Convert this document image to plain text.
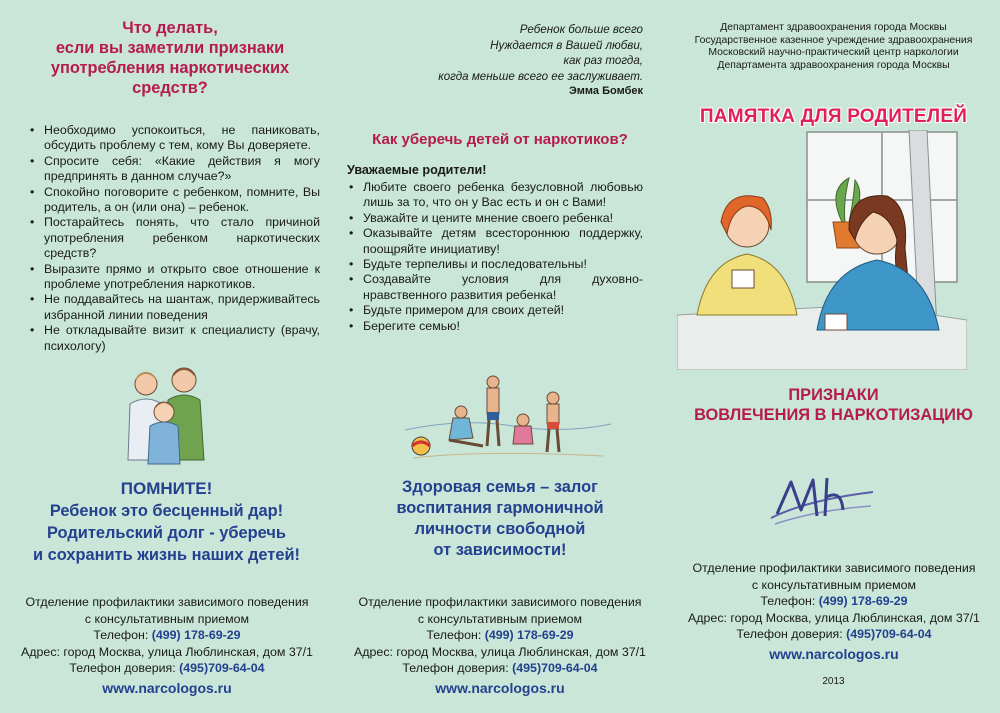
Что делать,
если вы заметили признаки
употребления наркотических
средств?
• Необходимо успокоиться, не паниковать, обсудить проблему с тем, кому Вы доверяете.
• Спросите себя: «Какие действия я могу предпринять в данном случае?»
• Спокойно поговорите с ребенком, помните, Вы родитель, а он (или она) – ребенок.
• Постарайтесь понять, что стало причиной употребления ребенком наркотических средств?
• Выразите прямо и открыто свое отношение к проблеме употребления наркотиков.
• Не поддавайтесь на шантаж, придерживайтесь избранной линии поведения
• Не откладывайте визит к специалисту (врачу, психологу)
ПОМНИТЕ!
Ребенок это бесценный дар!
Родительский долг - уберечь
и сохранить жизнь наших детей!
Отделение профилактики зависимого поведения
с консультативным приемом
Телефон: (499) 178-69-29
Адрес: город Москва, улица Люблинская, дом 37/1
Телефон доверия: (495)709-64-04
www.narcologos.ru
Ребенок больше всего
Нуждается в Вашей любви,
как раз тогда,
когда меньше всего ее заслуживает.
Эмма Бомбек
Как уберечь детей от наркотиков?
Уважаемые родители!
• Любите своего ребенка безусловной любовью лишь за то, что он у Вас есть и он с Вами!
• Уважайте и цените мнение своего ребенка!
• Оказывайте детям всестороннюю поддержку, поощряйте инициативу!
• Будьте терпеливы и последовательны!
• Создавайте условия для духовно-нравственного развития ребенка!
• Будьте примером для своих детей!
• Берегите семью!
Здоровая семья – залог
воспитания гармоничной
личности свободной
от зависимости!
Отделение профилактики зависимого поведения
с консультативным приемом
Телефон: (499) 178-69-29
Адрес: город Москва, улица Люблинская, дом 37/1
Телефон доверия: (495)709-64-04
www.narcologos.ru
Департамент здравоохранения города Москвы
Государственное казенное учреждение здравоохранения
Московский научно-практический центр наркологии
Департамента здравоохранения города Москвы
ПАМЯТКА ДЛЯ РОДИТЕЛЕЙ
ПРИЗНАКИ
ВОВЛЕЧЕНИЯ В НАРКОТИЗАЦИЮ
Отделение профилактики зависимого поведения
с консультативным приемом
Телефон: (499) 178-69-29
Адрес: город Москва, улица Люблинская, дом 37/1
Телефон доверия: (495)709-64-04
www.narcologos.ru
2013
